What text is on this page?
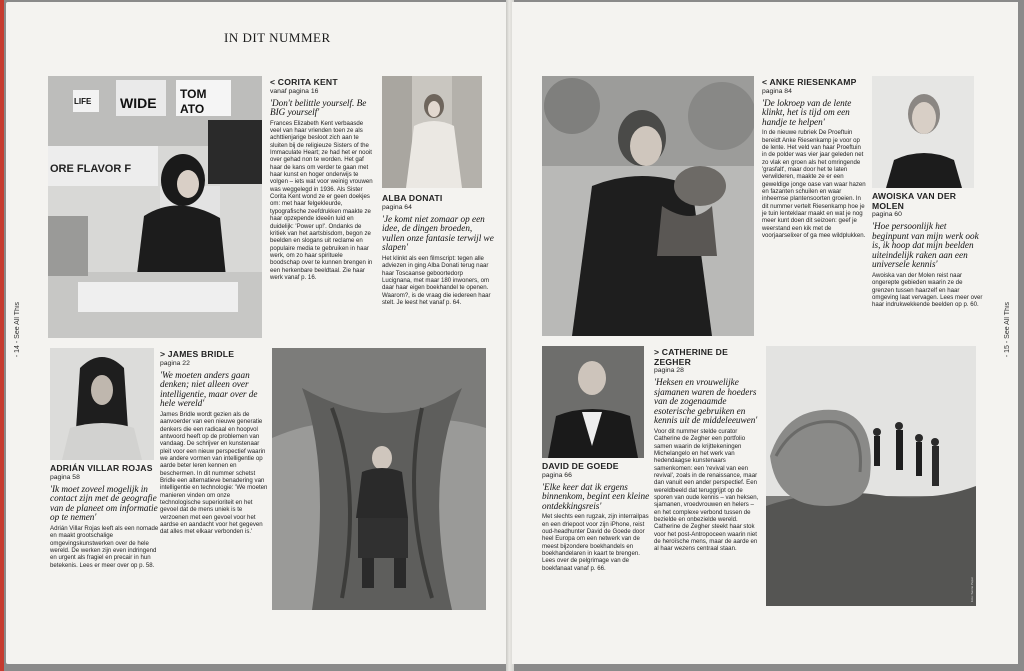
IN DIT NUMMER
- 14 - See All This
LIFE WIDE
TOM
ATO
ORE FLAVOR F
< CORITA KENT
vanaf pagina 16
'Don't belittle yourself. Be BIG yourself'
Frances Elizabeth Kent verbaasde veel van haar vrienden toen ze als achttienjarige besloot zich aan te sluiten bij de religieuze Sisters of the Immaculate Heart; ze had het er nooit over gehad non te worden. Het gaf haar de kans om verder te gaan met haar kunst en hoger onderwijs te volgen – iets wat voor weinig vrouwen was weggelegd in 1936. Als Sister Corita Kent wond ze er geen doekjes om: met haar felgekleurde, typografische zeefdrukken maakte ze haar opzepende ideeën luid en duidelijk: 'Power up!'. Ondanks de kritiek van het aartsbisdom, begon ze beelden en slogans uit reclame en populaire media te gebruiken in haar werk, om zo haar spirituele boodschap over te kunnen brengen in een herkenbare beeldtaal. Zie haar werk vanaf p. 16.
ALBA DONATI
pagina 64
'Je komt niet zomaar op een idee, de dingen broeden, vullen onze fantasie terwijl we slapen'
Het klinkt als een filmscript: tegen alle adviezen in ging Alba Donati terug naar haar Toscaanse geboortedorp Lucignana, met maar 180 inwoners, om daar haar eigen boekhandel te openen. Waarom?, is de vraag die iedereen haar stelt. Je leest het vanaf p. 64.
ADRIÁN VILLAR ROJAS
pagina 58
'Ik moet zoveel mogelijk in contact zijn met de geografie van de planeet om informatie op te nemen'
Adrián Villar Rojas leeft als een nomade en maakt grootschalige omgevingskunstwerken over de hele wereld. De werken zijn even indringend en urgent als fragiel en precair in hun betekenis. Lees er meer over op p. 58.
> JAMES BRIDLE
pagina 22
'We moeten anders gaan denken; niet alleen over intelligentie, maar over de hele wereld'
James Bridle wordt gezien als de aanvoerder van een nieuwe generatie denkers die een radicaal en hoopvol antwoord heeft op de problemen van vandaag. De schrijver en kunstenaar pleit voor een nieuw perspectief waarin we andere vormen van intelligentie op aarde beter leren kennen en beschermen. In dit nummer schetst Bridle een alternatieve benadering van intelligentie en technologie: 'We moeten manieren vinden om onze technologische superioriteit en het gevoel dat de mens uniek is te verzoenen met een gevoel voor het aardse en aandacht voor het gegeven dat alles met elkaar verbonden is.'
- 15 - See All This
< ANKE RIESENKAMP
pagina 84
'De lokroep van de lente klinkt, het is tijd om een handje te helpen'
In de nieuwe rubriek De Proeftuin bereidt Anke Riesenkamp je voor op de lente. Het veld van haar Proeftuin in de polder was vier jaar geleden net zo vlak en groen als het omringende 'grasfalt', maar door het te laten verwilderen, maakte ze er een geweldige jonge oase van waar hazen en fazanten schuilen en waar inheemse plantensoorten groeien. In dit nummer vertelt Riesenkamp hoe je je tuin lenteklaar maakt en wat je nog meer kunt doen dit seizoen: geef je weerstand een kik met de voorjaarselixer of ga mee wildplukken.
AWOISKA VAN DER MOLEN
pagina 60
'Hoe persoonlijk het beginpunt van mijn werk ook is, ik hoop dat mijn beelden uiteindelijk raken aan een universele kennis'
Awoiska van der Molen reist naar ongerepte gebieden waarin ze de grenzen tussen haarzelf en haar omgeving laat vervagen. Lees meer over haar indrukwekkende beelden op p. 60.
DAVID DE GOEDE
pagina 66
'Elke keer dat ik ergens binnenkom, begint een kleine ontdekkingsreis'
Met slechts een rugzak, zijn interrailpas en een driepoot voor zijn iPhone, reist oud-headhunter David de Goede door heel Europa om een netwerk van de meest bijzondere boekhandels en boekhandelaren in kaart te brengen. Lees over de pelgrimage van de boekfanaat vanaf p. 66.
> CATHERINE DE ZEGHER
pagina 28
'Heksen en vrouwelijke sjamanen waren de hoeders van de zogenaamde esoterische gebruiken en kennis uit de middeleeuwen'
Voor dit nummer stelde curator Catherine de Zegher een portfolio samen waarin de krijttekeningen Michelangelo en het werk van hedendaagse kunstenaars samenkomen: een 'revival van een revival', zoals in de renaissance, maar dan vanuit een ander perspectief. Een wereldbeeld dat teruggrijpt op de sporen van oude kennis – van heksen, sjamanen, vroedvrouwen en helers – en het complexe verbond tussen de bezielde en onbezielde wereld. Catherine de Zegher steekt haar stok voor het post-Antropoceen waarin niet de heroïsche mens, maar de aarde en al haar wezens centraal staan.
Foto: Sanne Peper
